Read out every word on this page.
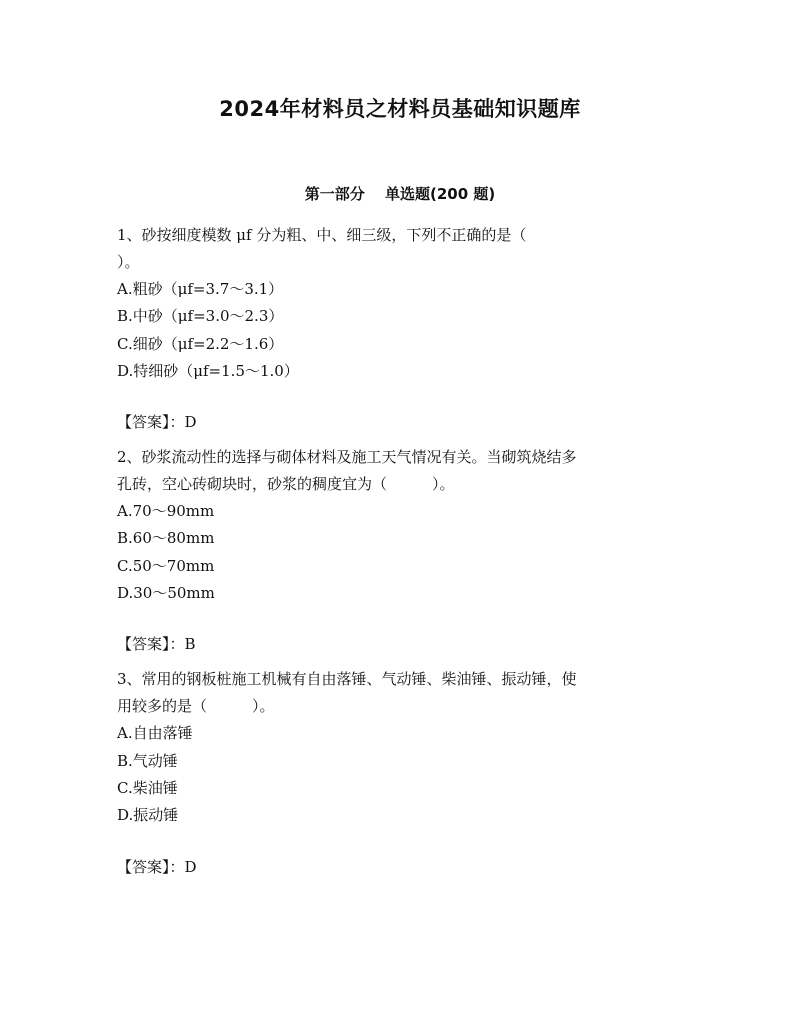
2024年材料员之材料员基础知识题库
第一部分　 单选题(200 题)

1、砂按细度模数 μf 分为粗、中、细三级，下列不正确的是（
）。

A.粗砂（μf=3.7～3.1）

B.中砂（μf=3.0～2.3）

C.细砂（μf=2.2～1.6）

D.特细砂（μf=1.5～1.0）

【答案】：D

2、砂浆流动性的选择与砌体材料及施工天气情况有关。当砌筑烧结多
孔砖，空心砖砌块时，砂浆的稠度宜为（　　　）。

A.70～90mm

B.60～80mm

C.50～70mm

D.30～50mm

【答案】：B

3、常用的钢板桩施工机械有自由落锤、气动锤、柴油锤、振动锤，使
用较多的是（　　　）。

A.自由落锤

B.气动锤

C.柴油锤

D.振动锤

【答案】：D
